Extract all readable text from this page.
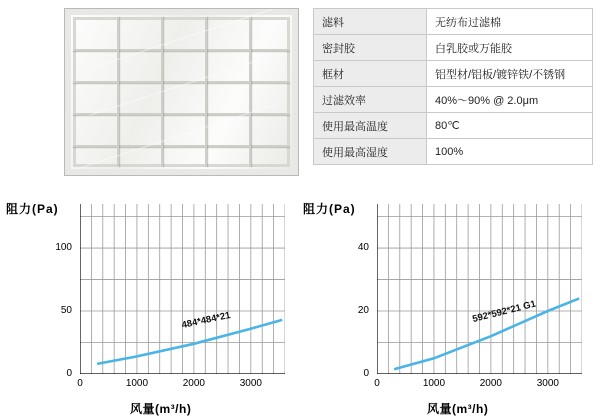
滤料	无纺布过滤棉
密封胶	白乳胶或万能胶
框材	铝型材/铝板/镀锌铁/不锈钢
过滤效率	40%～90% @ 2.0μm
使用最高温度	80℃
使用最高湿度	100%
阻力(Pa)
风量(m³/h)
0
50
100
0	1000	2000	3000
484*484*21
阻力(Pa)
风量(m³/h)
0
20
40
0	1000	2000	3000
592*592*21 G1
